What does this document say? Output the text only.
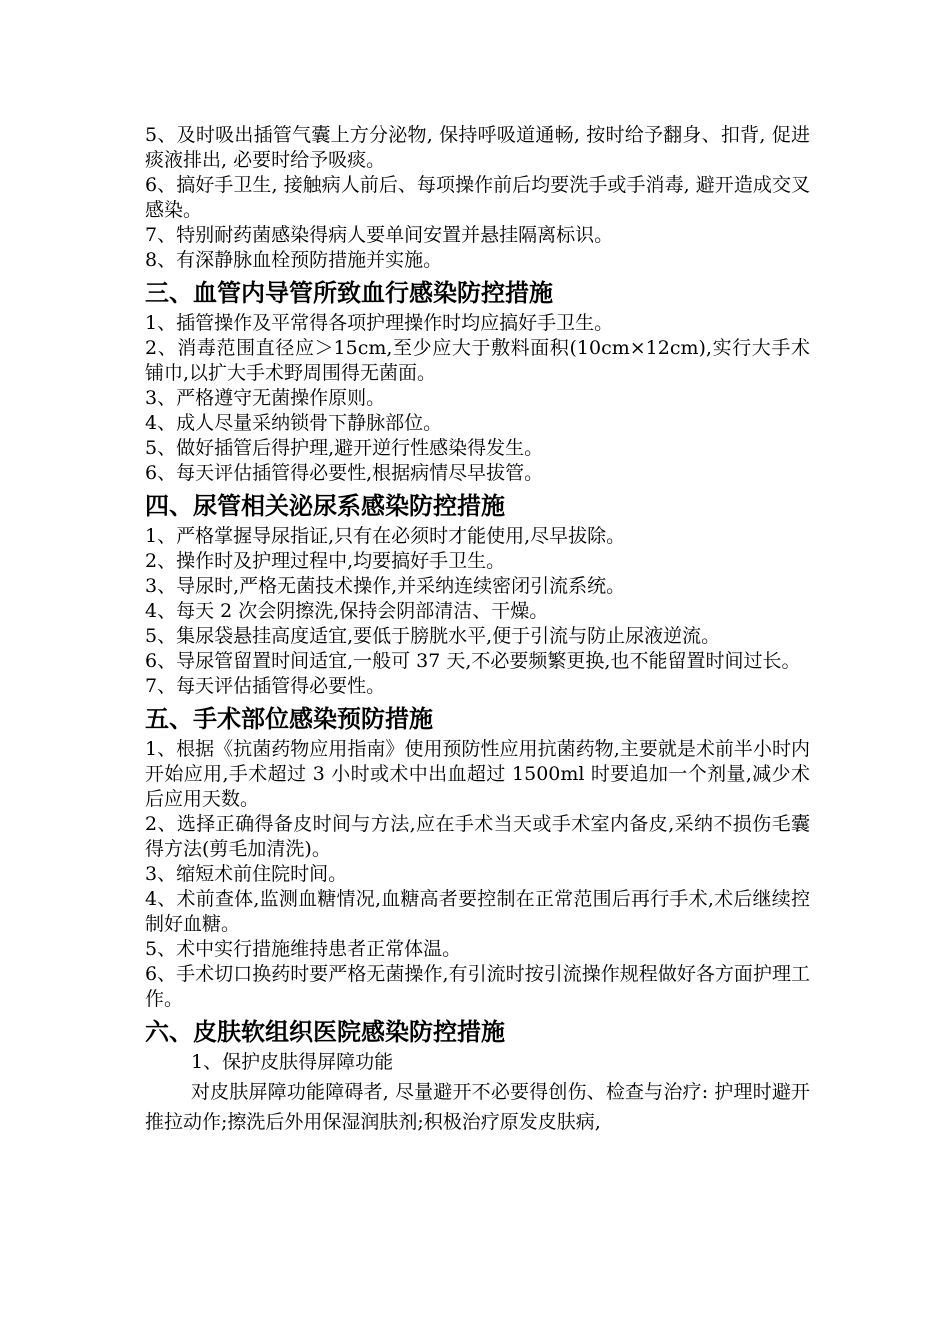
5、及时吸出插管气囊上方分泌物, 保持呼吸道通畅, 按时给予翻身、扣背, 促进痰液排出, 必要时给予吸痰。

6、搞好手卫生, 接触病人前后、每项操作前后均要洗手或手消毒, 避开造成交叉感染。

7、特别耐药菌感染得病人要单间安置并悬挂隔离标识。

8、有深静脉血栓预防措施并实施。

三、血管内导管所致血行感染防控措施

1、插管操作及平常得各项护理操作时均应搞好手卫生。

2、消毒范围直径应＞15cm,至少应大于敷料面积(10cm×12cm),实行大手术铺巾,以扩大手术野周围得无菌面。

3、严格遵守无菌操作原则。

4、成人尽量采纳锁骨下静脉部位。

5、做好插管后得护理,避开逆行性感染得发生。

6、每天评估插管得必要性,根据病情尽早拔管。

四、尿管相关泌尿系感染防控措施

1、严格掌握导尿指证,只有在必须时才能使用,尽早拔除。

2、操作时及护理过程中,均要搞好手卫生。

3、导尿时,严格无菌技术操作,并采纳连续密闭引流系统。

4、每天 2 次会阴擦洗,保持会阴部清洁、干燥。

5、集尿袋悬挂高度适宜,要低于膀胱水平,便于引流与防止尿液逆流。

6、导尿管留置时间适宜,一般可 37 天,不必要频繁更换,也不能留置时间过长。

7、每天评估插管得必要性。

五、手术部位感染预防措施

1、根据《抗菌药物应用指南》使用预防性应用抗菌药物,主要就是术前半小时内开始应用,手术超过 3 小时或术中出血超过 1500ml 时要追加一个剂量,减少术后应用天数。

2、选择正确得备皮时间与方法,应在手术当天或手术室内备皮,采纳不损伤毛囊得方法(剪毛加清洗)。

3、缩短术前住院时间。

4、术前查体,监测血糖情况,血糖高者要控制在正常范围后再行手术,术后继续控制好血糖。

5、术中实行措施维持患者正常体温。

6、手术切口换药时要严格无菌操作,有引流时按引流操作规程做好各方面护理工作。

六、皮肤软组织医院感染防控措施

1、保护皮肤得屏障功能

对皮肤屏障功能障碍者, 尽量避开不必要得创伤、检查与治疗: 护理时避开推拉动作;擦洗后外用保湿润肤剂;积极治疗原发皮肤病,
